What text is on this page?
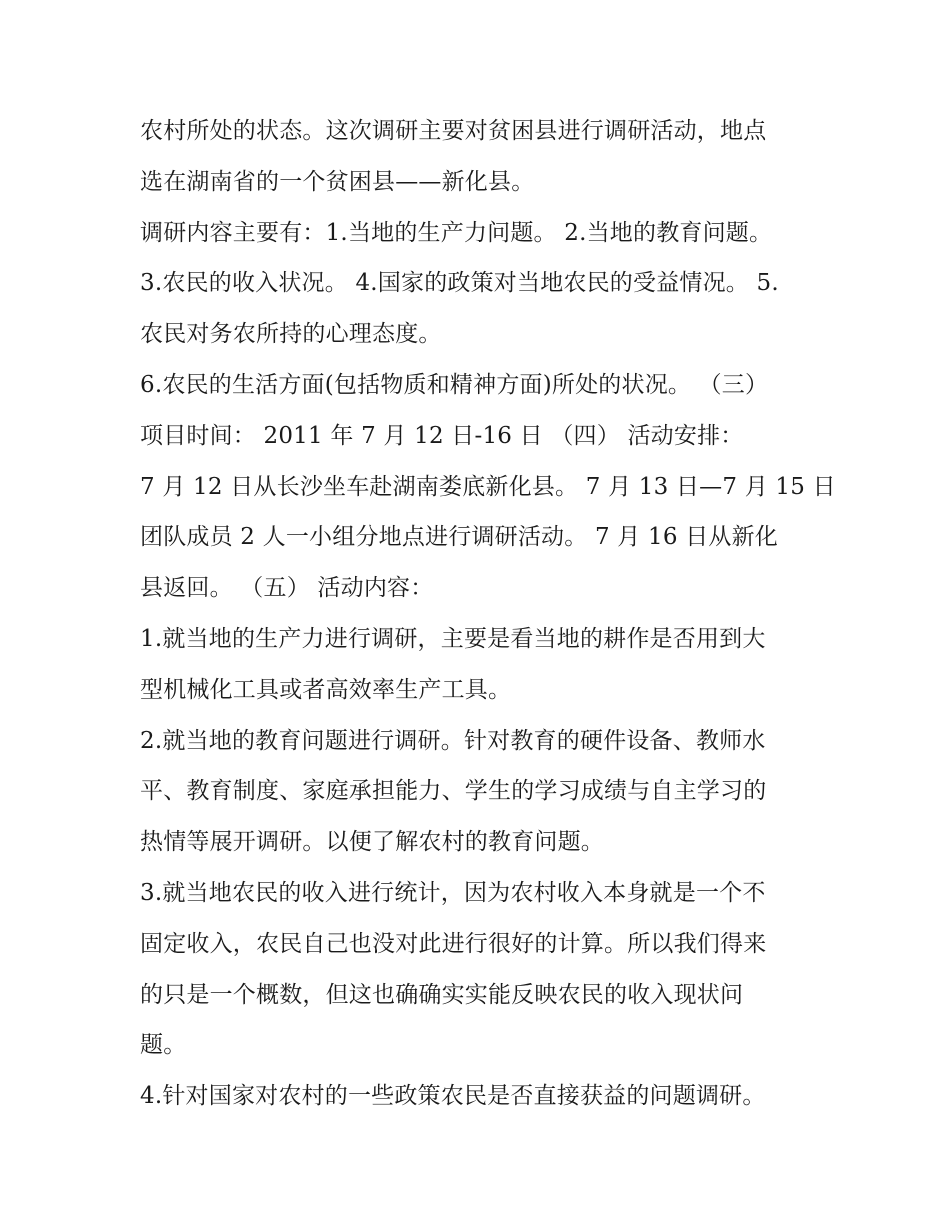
农村所处的状态。这次调研主要对贫困县进行调研活动，地点
选在湖南省的一个贫困县——新化县。
调研内容主要有：1.当地的生产力问题。 2.当地的教育问题。
3.农民的收入状况。 4.国家的政策对当地农民的受益情况。 5.
农民对务农所持的心理态度。
6.农民的生活方面(包括物质和精神方面)所处的状况。 （三）
项目时间： 2011 年 7 月 12 日-16 日 （四） 活动安排：
7 月 12 日从长沙坐车赴湖南娄底新化县。 7 月 13 日—7 月 15 日
团队成员 2 人一小组分地点进行调研活动。 7 月 16 日从新化
县返回。 （五） 活动内容：
1.就当地的生产力进行调研，主要是看当地的耕作是否用到大
型机械化工具或者高效率生产工具。
2.就当地的教育问题进行调研。针对教育的硬件设备、教师水
平、教育制度、家庭承担能力、学生的学习成绩与自主学习的
热情等展开调研。以便了解农村的教育问题。
3.就当地农民的收入进行统计，因为农村收入本身就是一个不
固定收入，农民自己也没对此进行很好的计算。所以我们得来
的只是一个概数，但这也确确实实能反映农民的收入现状问
题。
4.针对国家对农村的一些政策农民是否直接获益的问题调研。
